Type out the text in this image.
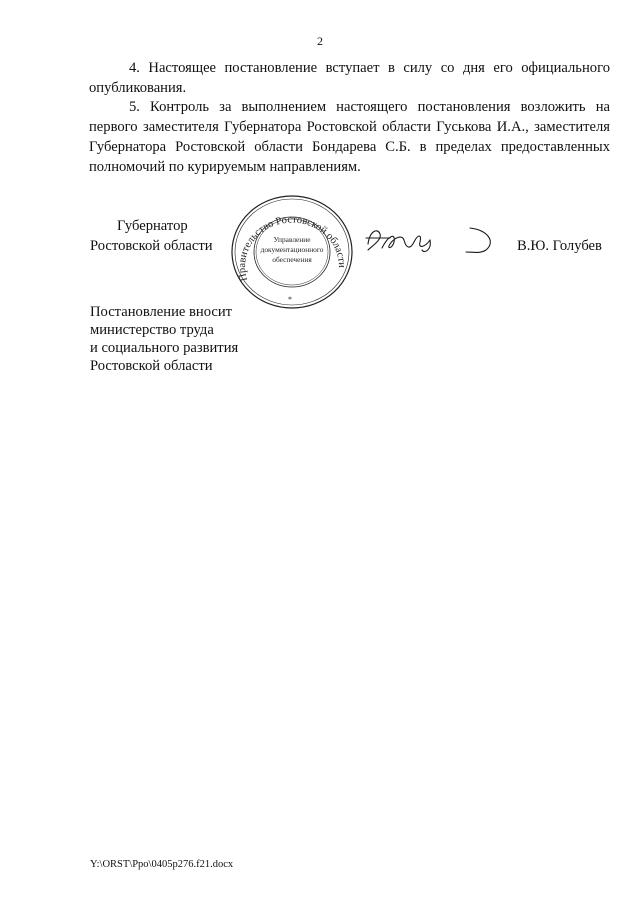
2

4. Настоящее постановление вступает в силу со дня его официального опубликования.

5. Контроль за выполнением настоящего постановления возложить на первого заместителя Губернатора Ростовской области Гуськова И.А., заместителя Губернатора Ростовской области Бондарева С.Б. в пределах предоставленных полномочий по курируемым направлениям.

Губернатор
Ростовской области
Правительство Ростовской области
Управление
документационного
обеспечения
*
В.Ю. Голубев
Постановление вносит
министерство труда
и социального развития
Ростовской области
Y:\ORST\Ppo\0405p276.f21.docx
